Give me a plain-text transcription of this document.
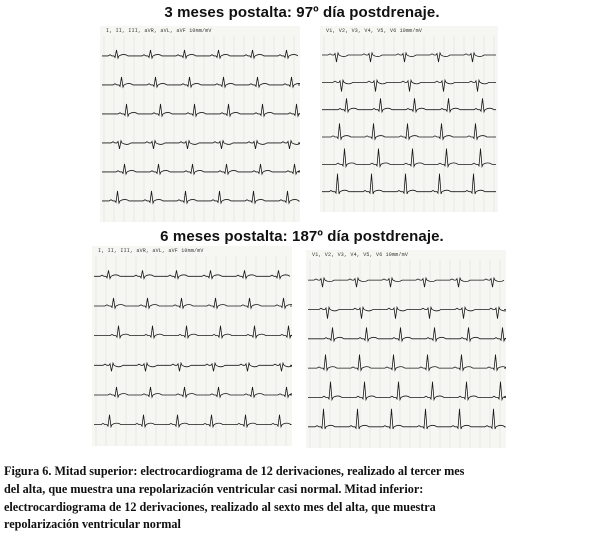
3 meses postalta: 97º día postdrenaje.
I, II, III, aVR, aVL, aVF 10mm/mV	V1, V2, V3, V4, V5, V6 10mm/mV
6 meses postalta: 187º día postdrenaje.
I, II, III, aVR, aVL, aVF 10mm/mV
V1, V2, V3, V4, V5, V6 10mm/mV
Figura 6. Mitad superior: electrocardiograma de 12 derivaciones, realizado al tercer mes
del alta, que muestra una repolarización ventricular casi normal. Mitad inferior:
electrocardiograma de 12 derivaciones, realizado al sexto mes del alta, que muestra
repolarización ventricular normal
